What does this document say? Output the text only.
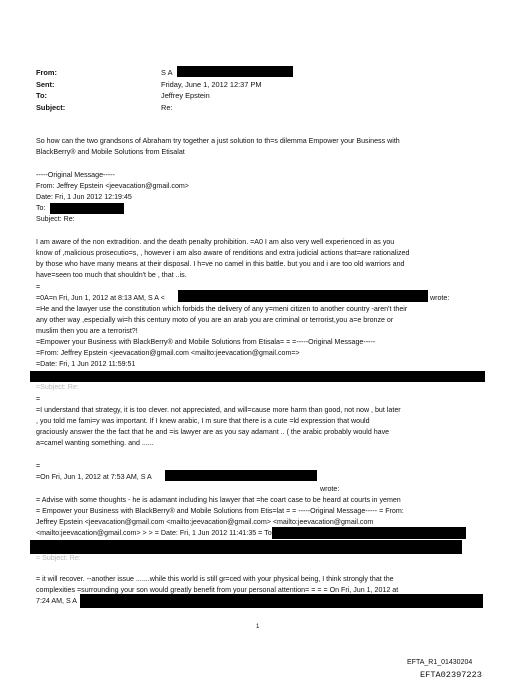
From:	S A
Sent:	Friday, June 1, 2012 12:37 PM
To:	Jeffrey Epstein
Subject:	Re:
So how can the two grandsons of Abraham try together a just solution to th=s dilemma Empower your Business with
BlackBerry® and Mobile Solutions from Etisalat
-----Original Message-----
From: Jeffrey Epstein <jeevacation@gmail.com>
Date: Fri, 1 Jun 2012 12:19:45
To:
Subject: Re:
I am aware of the non extradition. and the death penalty prohibition. =A0 I am also very well experienced in as you
know of ,malicious prosecutio=s, , however i am also aware of renditions and extra judicial actions that=are rationalized
by those who have many means at their disposal. I h=ve no camel in this battle. but you and i are too old warriors and
have=seen too much that shouldn't be , that ..is.
=
=0A=n Fri, Jun 1, 2012 at 8:13 AM, S A <	wrote:
=He and the lawyer use the constitution which forbids the delivery of any y=meni citizen to another country -aren't their
any other way ,especially wi=h this century moto of you are an arab you are criminal or terrorist,you a=e bronze or
muslim then you are a terrorist?!
=Empower your Business with BlackBerry® and Mobile Solutions from Etisala= = =-----Original Message-----
=From: Jeffrey Epstein <jeevacation@gmail.com <mailto:jeevacation@gmail.com=>
=Date: Fri, 1 Jun 2012 11:59:51
=Subject: Re:
=
=I understand that strategy, it is too clever. not appreciated, and will=cause more harm than good, not now , but later
, you told me fami=y was important. If I knew arabic, I m sure that there is a cute =ld expression that would
graciously answer the the fact that he and =is lawyer are as you say adamant .. ( the arabic probably would have
a=camel wanting something. and ......
=
=On Fri, Jun 1, 2012 at 7:53 AM, S A
wrote:
= Advise with some thoughts - he is adamant including his lawyer that =he coart case to be heard at courts in yemen
= Empower your Business with BlackBerry® and Mobile Solutions from Etis=lat = = -----Original Message----- = From:
Jeffrey Epstein <jeevacation@gmail.com <mailto:jeevacation@gmail.com> <mailto:jeevacation@gmail.com
<mailto:jeevacation@gmail.com> > > = Date: Fri, 1 Jun 2012 11:41:35 = To
= Subject: Re:
= it will recover. --another issue .......while this world is still gr=ced with your physical being, I think strongly that the
complexities =surrounding your son would greatly benefit from your personal attention= = = = On Fri, Jun 1, 2012 at
7:24 AM, S A
1
EFTA_R1_01430204
EFTA02397223
